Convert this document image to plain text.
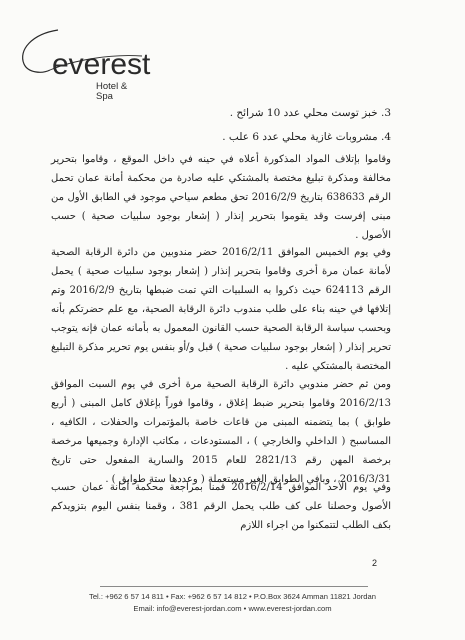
everest
Hotel & Spa
3. خبز توست محلي عدد 10 شرائح .
4. مشروبات غازية محلي عدد 6 علب .

وقاموا بإتلاف المواد المذكورة أعلاه في حينه في داخل الموقع ، وقاموا بتحرير مخالفة ومذكرة تبليغ مختصة بالمشتكي عليه صادرة من محكمة أمانة عمان تحمل الرقم 638633 بتاريخ 2016/2/9 تحق مطعم سياحي موجود في الطابق الأول من مبنى إفرست وقد يقوموا بتحرير إنذار ( إشعار بوجود سلبيات صحية ) حسب الأصول .

وفي يوم الخميس الموافق 2016/2/11 حضر مندوبين من دائرة الرقابة الصحية لأمانة عمان مرة أخرى وقاموا بتحرير إنذار ( إشعار بوجود سلبيات صحية ) يحمل الرقم 624113 حيث ذكروا به السلبيات التي تمت ضبطها بتاريخ 2016/2/9 وتم إتلافها في حينه بناء على طلب مندوب دائرة الرقابة الصحية، مع علم حضرتكم بأنه وبحسب سياسة الرقابة الصحية حسب القانون المعمول به بأمانه عمان فإنه يتوجب تحرير إنذار ( إشعار بوجود سلبيات صحية ) قبل و/أو بنفس يوم تحرير مذكرة التبليغ المختصة بالمشتكي عليه .

ومن ثم حضر مندوبي دائرة الرقابة الصحية مرة أخرى في يوم السبت الموافق 2016/2/13 وقاموا بتحرير ضبط إغلاق ، وقاموا فوراً بإغلاق كامل المبنى ( أربع طوابق ) بما يتضمنه المبنى من قاعات خاصة بالمؤتمرات والحفلات ، الكافيه ، المساسبح ( الداخلي والخارجي ) ، المستودعات ، مكاتب الإدارة وجميعها مرخصة برخصة المهن رقم 2821/13 للعام 2015 والسارية المفعول حتى تاريخ 2016/3/31 ، وبافي الطوابق الغير مستعملة ( وعددها ستة طوابق ) .

وفي يوم الأحد الموافق 2016/2/14 قمنا بمراجعة محكمة أمانة عمان حسب الأصول وحصلنا على كف طلب يحمل الرقم 381 ، وقمنا بنفس اليوم بتزويدكم بكف الطلب لتتمكنوا من اجراء اللازم

2
Tel.: +962 6 57 14 811 • Fax: +962 6 57 14 812 • P.O.Box 3624 Amman 11821 Jordan
Email: info@everest-jordan.com • www.everest-jordan.com
